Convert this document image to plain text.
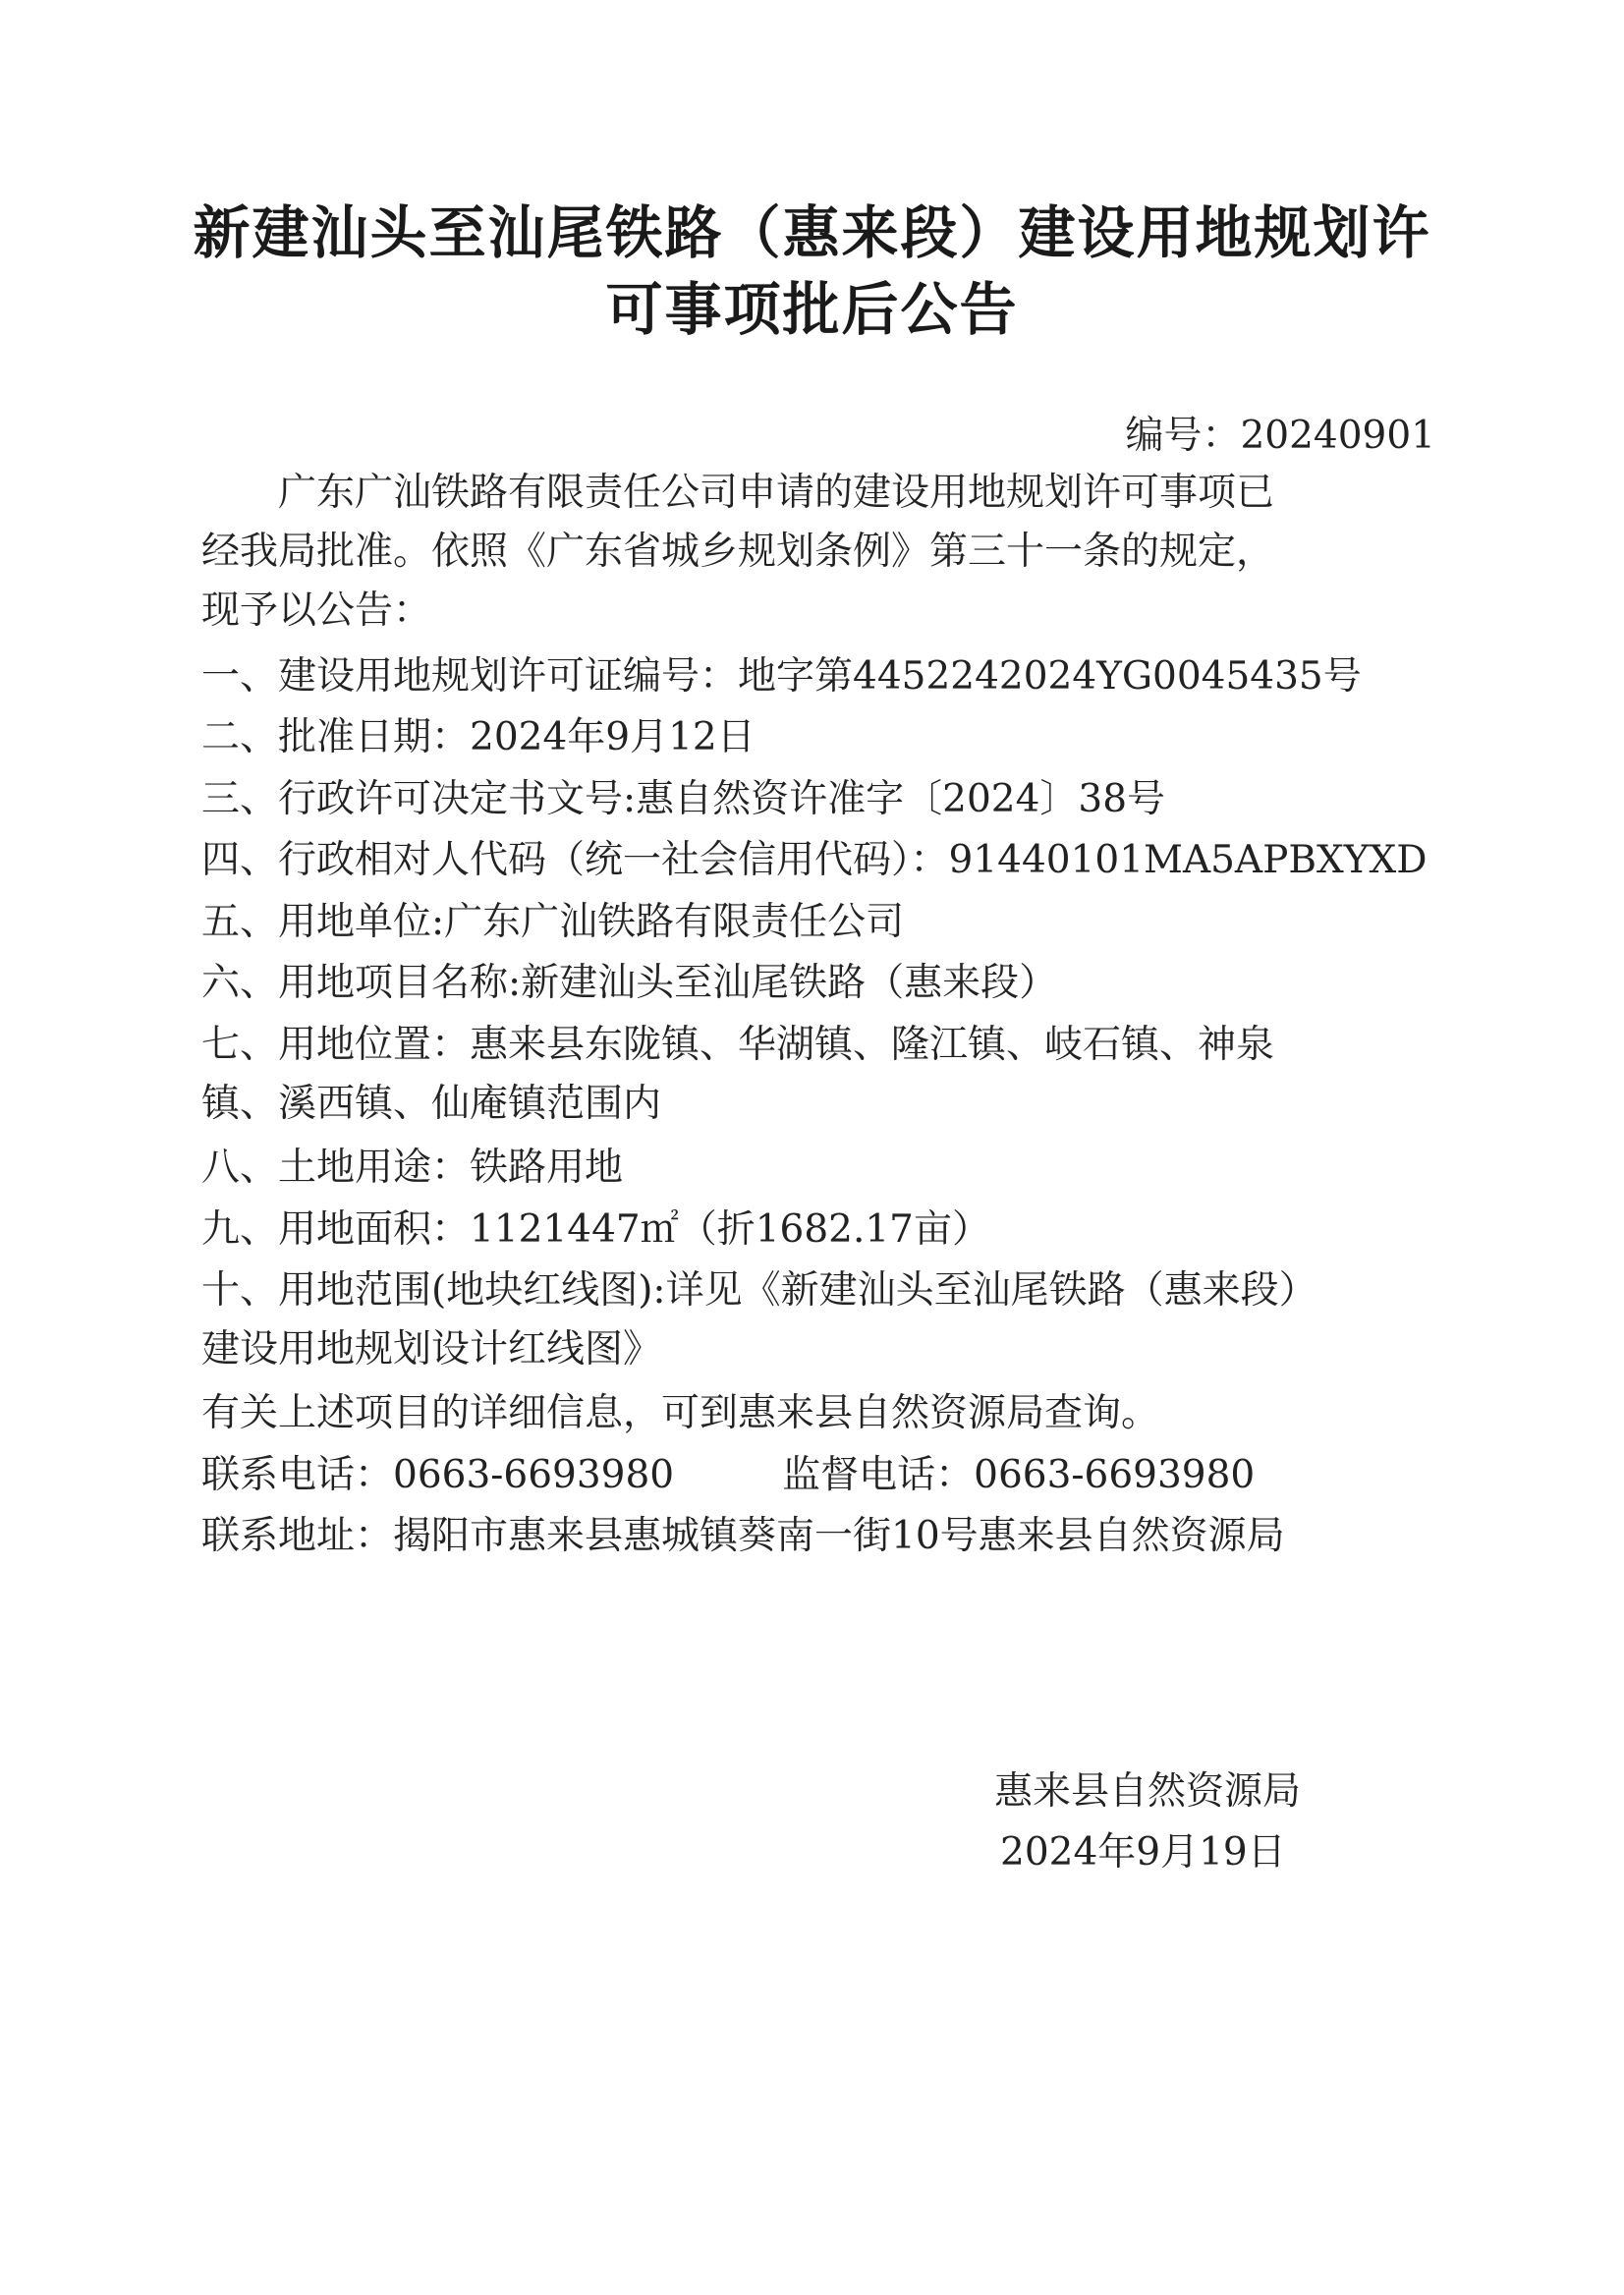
新建汕头至汕尾铁路（惠来段）建设用地规划许
可事项批后公告
编号：20240901
　　广东广汕铁路有限责任公司申请的建设用地规划许可事项已
经我局批准。依照《广东省城乡规划条例》第三十一条的规定，
现予以公告：
一、建设用地规划许可证编号：地字第4452242024YG0045435号
二、批准日期：2024年9月12日
三、行政许可决定书文号:惠自然资许准字〔2024〕38号
四、行政相对人代码（统一社会信用代码）：91440101MA5APBXYXD
五、用地单位:广东广汕铁路有限责任公司
六、用地项目名称:新建汕头至汕尾铁路（惠来段）
七、用地位置：惠来县东陇镇、华湖镇、隆江镇、岐石镇、神泉
镇、溪西镇、仙庵镇范围内
八、土地用途：铁路用地
九、用地面积：1121447㎡（折1682.17亩）
十、用地范围(地块红线图):详见《新建汕头至汕尾铁路（惠来段）
建设用地规划设计红线图》
有关上述项目的详细信息，可到惠来县自然资源局查询。
联系电话：0663-6693980	监督电话：0663-6693980
联系地址：揭阳市惠来县惠城镇葵南一街10号惠来县自然资源局
惠来县自然资源局
2024年9月19日
